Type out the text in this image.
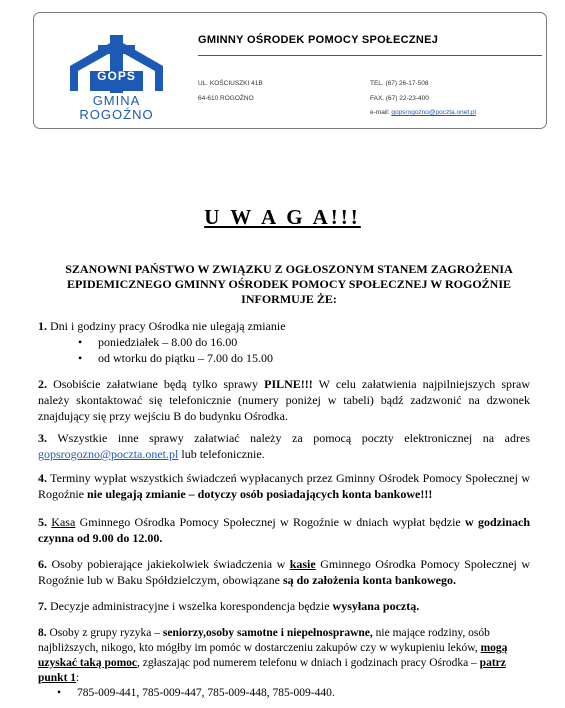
GOPS
GMINA
ROGOŹNO
GMINNY OŚRODEK POMOCY SPOŁECZNEJ
UL. KOŚCIUSZKI 41B
64-610 ROGOŹNO
TEL. (67) 26-17-508
FAX. (67) 22-23-400
e-mail: gopsrogozno@poczta.onet.pl
U W A G A!!!
SZANOWNI PAŃSTWO W ZWIĄZKU Z OGŁOSZONYM STANEM ZAGROŻENIA EPIDEMICZNEGO GMINNY OŚRODEK POMOCY SPOŁECZNEJ W ROGOŹNIE INFORMUJE ŻE:
1. Dni i godziny pracy Ośrodka nie ulegają zmianie
• poniedziałek – 8.00 do 16.00
• od wtorku do piątku – 7.00 do 15.00
2. Osobiście załatwiane będą tylko sprawy PILNE!!! W celu załatwienia najpilniejszych spraw należy skontaktować się telefonicznie (numery poniżej w tabeli) bądź zadzwonić na dzwonek znajdujący się przy wejściu B do budynku Ośrodka.
3. Wszystkie inne sprawy załatwiać należy za pomocą poczty elektronicznej na adres gopsrogozno@poczta.onet.pl lub telefonicznie.
4. Terminy wypłat wszystkich świadczeń wypłacanych przez Gminny Ośrodek Pomocy Społecznej w Rogoźnie nie ulegają zmianie – dotyczy osób posiadających konta bankowe!!!
5. Kasa Gminnego Ośrodka Pomocy Społecznej w Rogoźnie w dniach wypłat będzie w godzinach czynna od 9.00 do 12.00.
6. Osoby pobierające jakiekolwiek świadczenia w kasie Gminnego Ośrodka Pomocy Społecznej w Rogoźnie lub w Baku Spółdzielczym, obowiązane są do założenia konta bankowego.
7. Decyzje administracyjne i wszelka korespondencja będzie wysyłana pocztą.
8. Osoby z grupy ryzyka – seniorzy,osoby samotne i niepełnosprawne, nie mające rodziny, osób najbliższych, nikogo, kto mógłby im pomóc w dostarczeniu zakupów czy w wykupieniu leków, mogą uzyskać taką pomoc, zgłaszając pod numerem telefonu w dniach i godzinach pracy Ośrodka – patrz punkt 1:
• 785-009-441, 785-009-447, 785-009-448, 785-009-440.
